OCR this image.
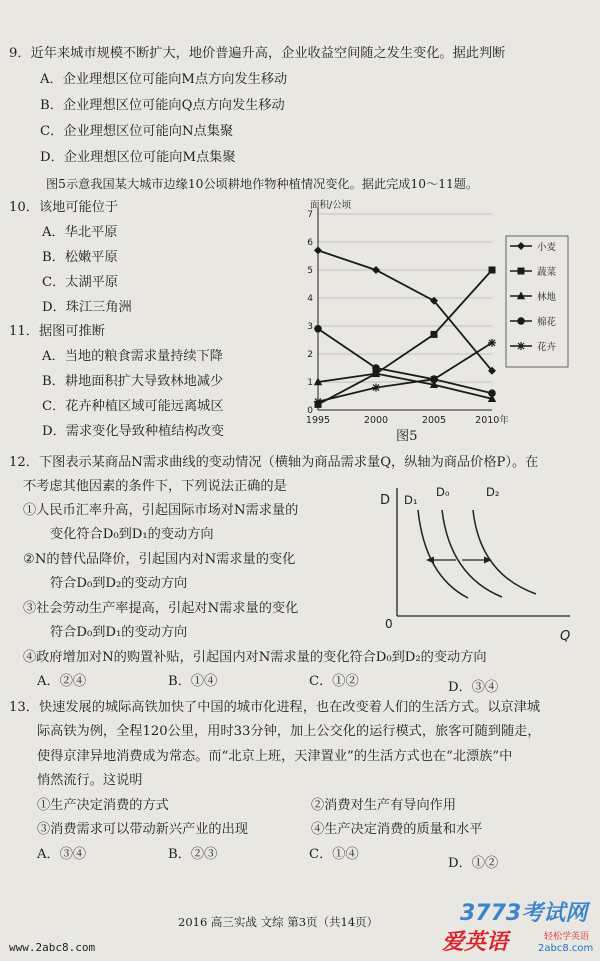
9．近年来城市规模不断扩大，地价普遍升高，企业收益空间随之发生变化。据此判断
A．企业理想区位可能向M点方向发生移动
B．企业理想区位可能向Q点方向发生移动
C．企业理想区位可能向N点集聚
D．企业理想区位可能向M点集聚
图5示意我国某大城市边缘10公顷耕地作物种植情况变化。据此完成10～11题。
10．该地可能位于
A．华北平原
B．松嫩平原
C．太湖平原
D．珠江三角洲
11．据图可推断
A．当地的粮食需求量持续下降
B．耕地面积扩大导致林地减少
C．花卉种植区域可能远离城区
D．需求变化导致种植结构改变
面积/公顷
0
1
2
3
4
5
6
7
1995	2000	2005	2010年
小麦
蔬菜
林地
棉花
花卉
图5
12．下图表示某商品N需求曲线的变动情况（横轴为商品需求量Q，纵轴为商品价格P）。在
不考虑其他因素的条件下，下列说法正确的是
①人民币汇率升高，引起国际市场对N需求量的
变化符合D₀到D₁的变动方向
②N的替代品降价，引起国内对N需求量的变化
符合D₀到D₂的变动方向
③社会劳动生产率提高，引起对N需求量的变化
符合D₀到D₁的变动方向
④政府增加对N的购置补贴，引起国内对N需求量的变化符合D₀到D₂的变动方向
A．②④	B．①④	C．①②	D．③④
D
Q
0
D₁
D₀	D₂
13．快速发展的城际高铁加快了中国的城市化进程，也在改变着人们的生活方式。以京津城
际高铁为例，全程120公里，用时33分钟，加上公交化的运行模式，旅客可随到随走，
使得京津异地消费成为常态。而“北京上班，天津置业”的生活方式也在“北漂族”中
悄然流行。这说明
①生产决定消费的方式	②消费对生产有导向作用
③消费需求可以带动新兴产业的出现	④生产决定消费的质量和水平
A．③④	B．②③	C．①④
D．①②
2016 高三实战 文综 第3页（共14页）
www.2abc8.com
3773考试网
爱英语	轻松学英语
2abc8.com
